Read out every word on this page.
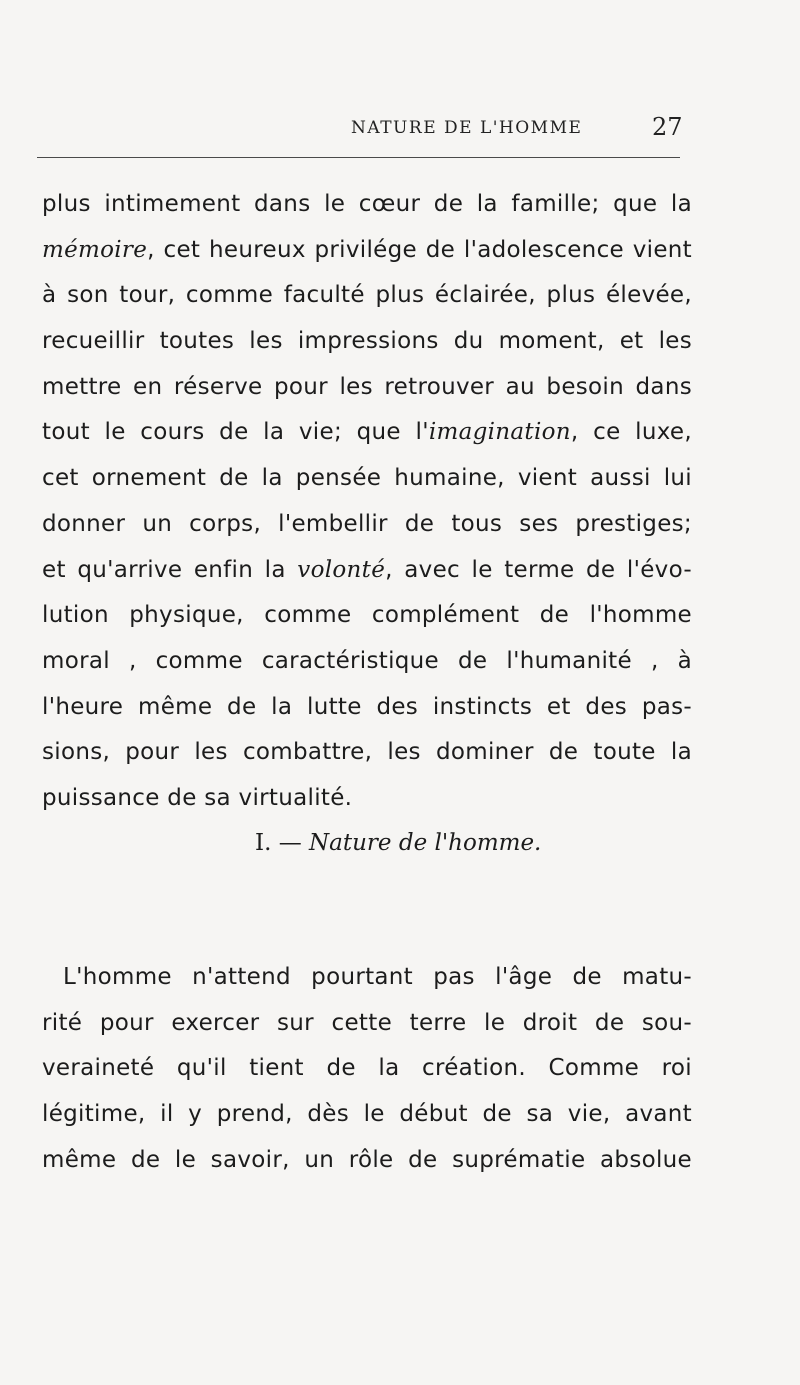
NATURE DE L'HOMME	27
plus intimement dans le cœur de la famille; que la
mémoire, cet heureux privilége de l'adolescence vient
à son tour, comme faculté plus éclairée, plus élevée,
recueillir toutes les impressions du moment, et les
mettre en réserve pour les retrouver au besoin dans
tout le cours de la vie; que l'imagination, ce luxe,
cet ornement de la pensée humaine, vient aussi lui
donner un corps, l'embellir de tous ses prestiges;
et qu'arrive enfin la volonté, avec le terme de l'évo-
lution physique, comme complément de l'homme
moral , comme caractéristique de l'humanité , à
l'heure même de la lutte des instincts et des pas-
sions, pour les combattre, les dominer de toute la
puissance de sa virtualité.
I. — Nature de l'homme.
L'homme n'attend pourtant pas l'âge de matu-
rité pour exercer sur cette terre le droit de sou-
veraineté qu'il tient de la création. Comme roi
légitime, il y prend, dès le début de sa vie, avant
même de le savoir, un rôle de suprématie absolue
